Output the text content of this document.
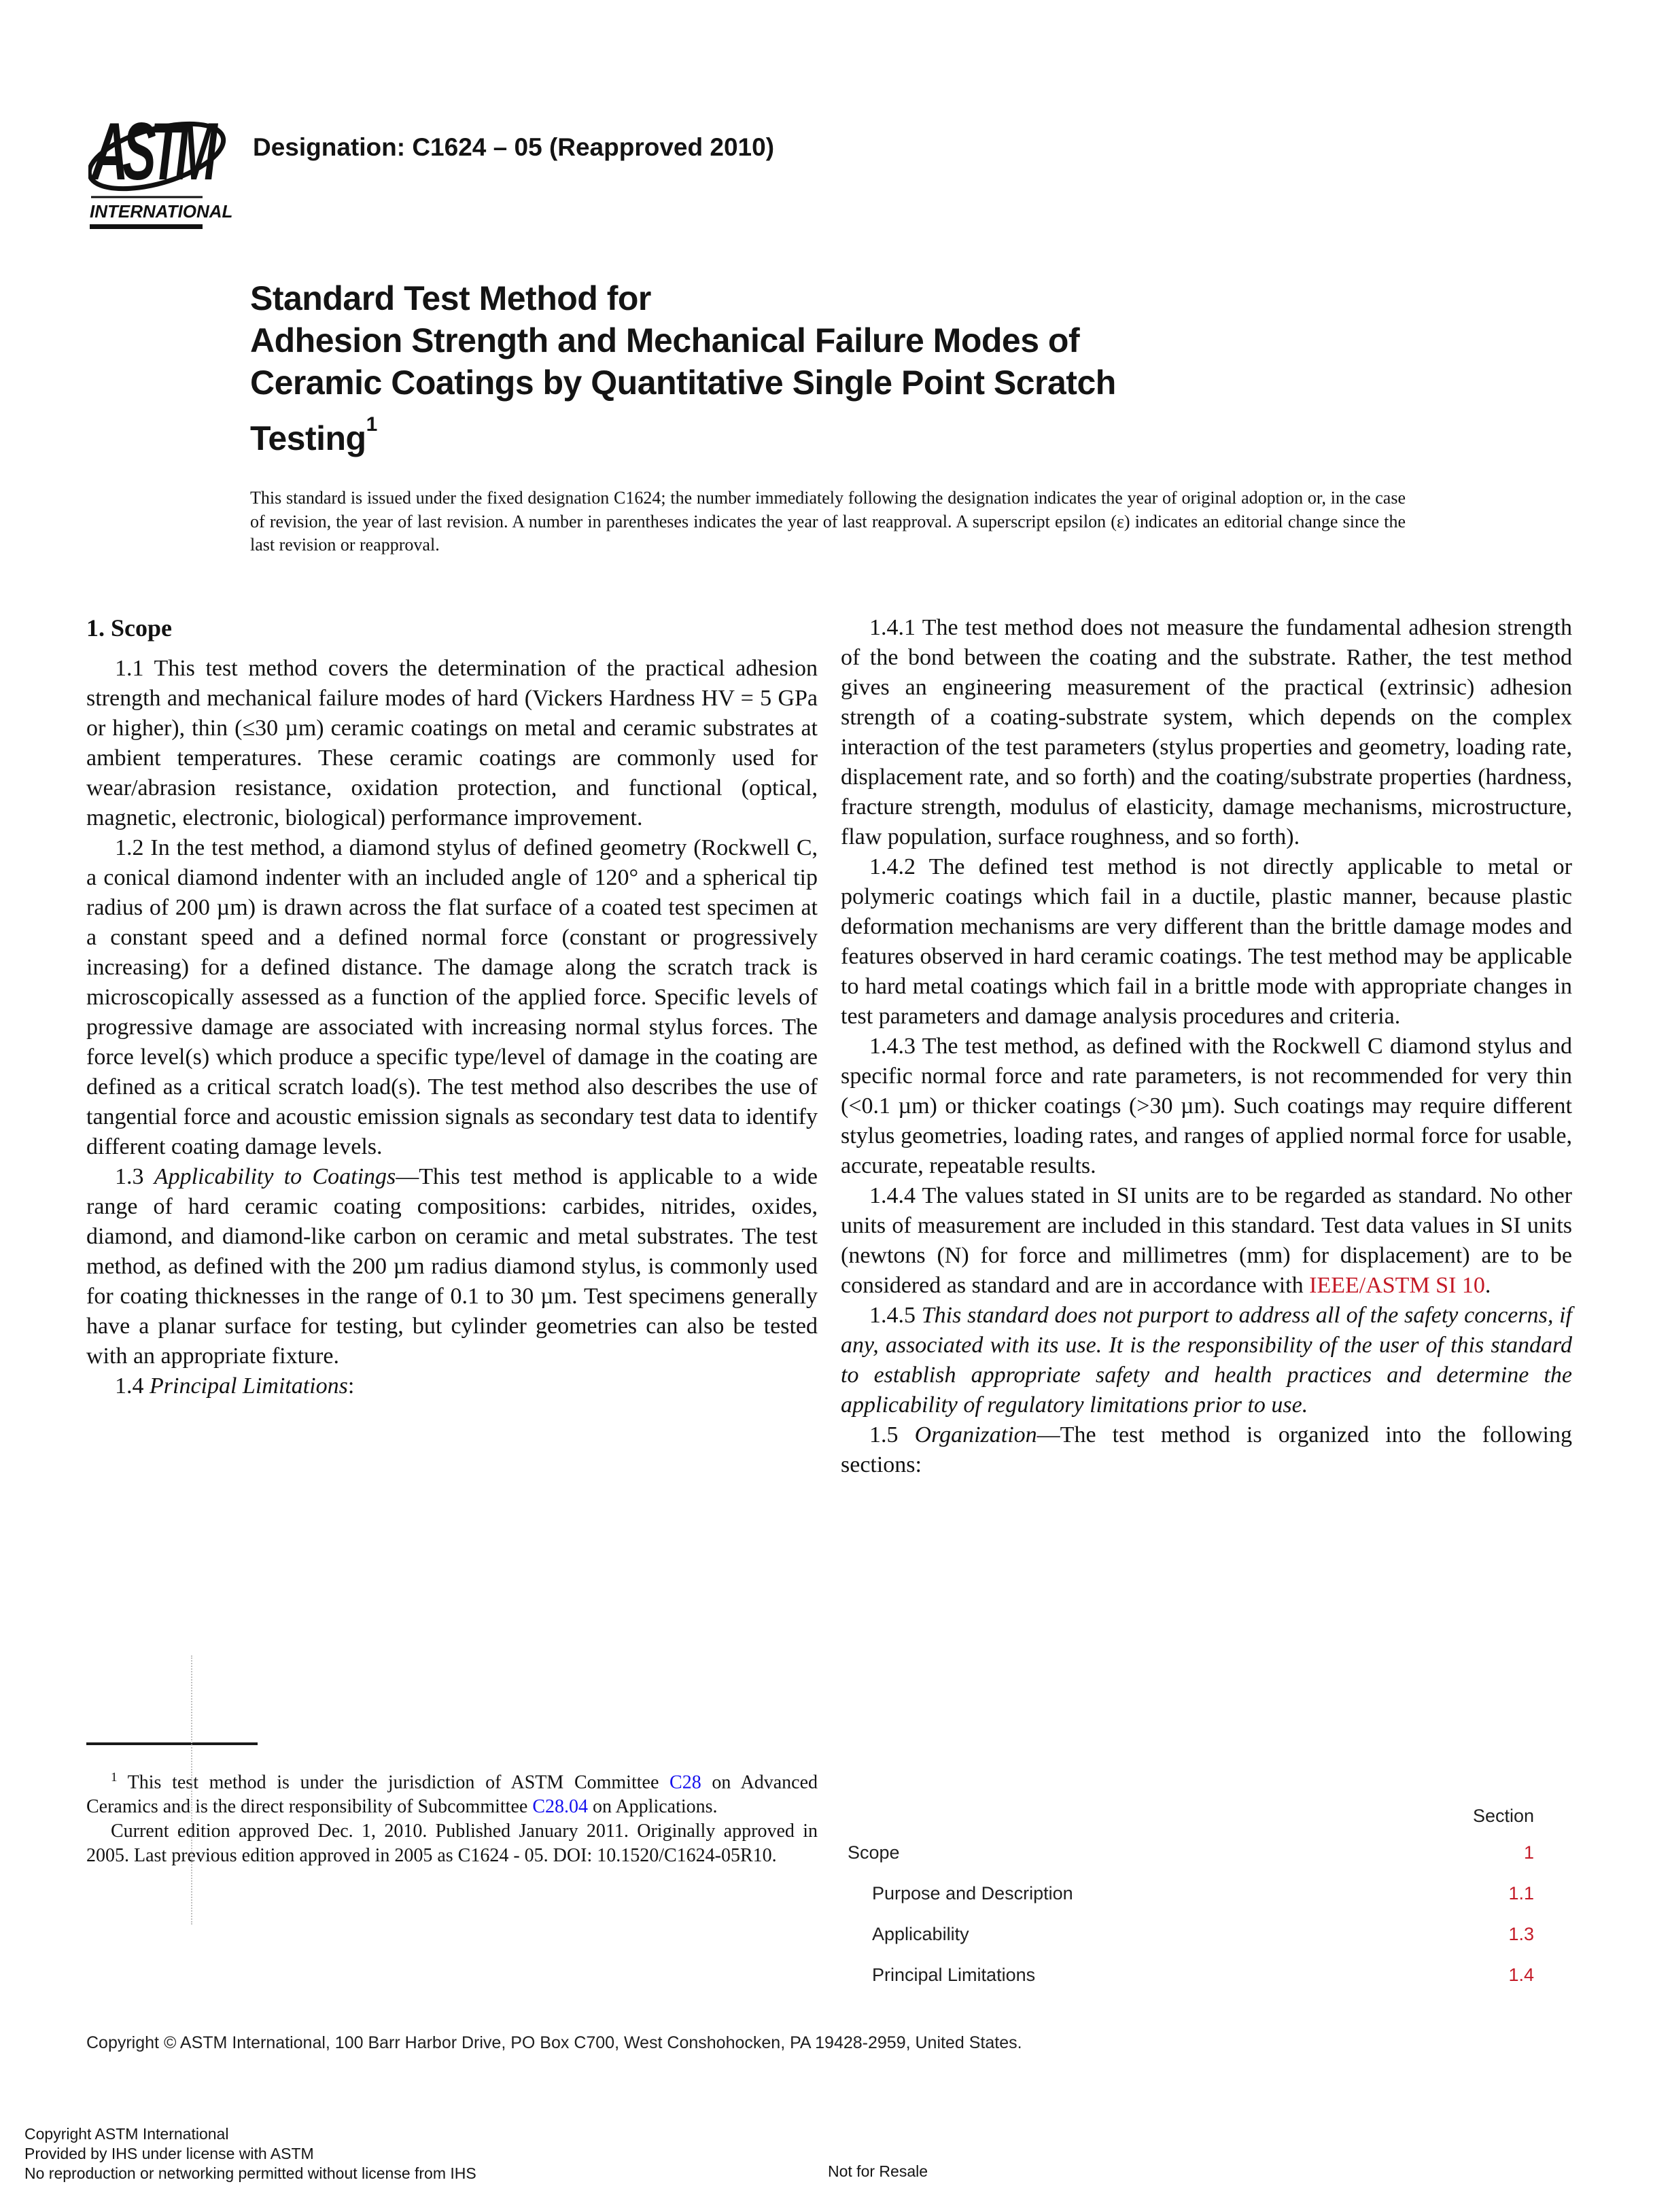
ASTM
INTERNATIONAL
Designation: C1624 – 05 (Reapproved 2010)
Standard Test Method for
Adhesion Strength and Mechanical Failure Modes of
Ceramic Coatings by Quantitative Single Point Scratch
Testing$^1$

This standard is issued under the fixed designation C1624; the number immediately following the designation indicates the year of original adoption or, in the case of revision, the year of last revision. A number in parentheses indicates the year of last reapproval. A superscript epsilon (ε) indicates an editorial change since the last revision or reapproval.

1. Scope

1.1 This test method covers the determination of the practical adhesion strength and mechanical failure modes of hard (Vickers Hardness HV = 5 GPa or higher), thin (≤30 µm) ceramic coatings on metal and ceramic substrates at ambient temperatures. These ceramic coatings are commonly used for wear/abrasion resistance, oxidation protection, and functional (optical, magnetic, electronic, biological) performance improvement.

1.2 In the test method, a diamond stylus of defined geometry (Rockwell C, a conical diamond indenter with an included angle of 120° and a spherical tip radius of 200 µm) is drawn across the flat surface of a coated test specimen at a constant speed and a defined normal force (constant or progressively increasing) for a defined distance. The damage along the scratch track is microscopically assessed as a function of the applied force. Specific levels of progressive damage are associated with increasing normal stylus forces. The force level(s) which produce a specific type/level of damage in the coating are defined as a critical scratch load(s). The test method also describes the use of tangential force and acoustic emission signals as secondary test data to identify different coating damage levels.

1.3 Applicability to Coatings—This test method is applicable to a wide range of hard ceramic coating compositions: carbides, nitrides, oxides, diamond, and diamond-like carbon on ceramic and metal substrates. The test method, as defined with the 200 µm radius diamond stylus, is commonly used for coating thicknesses in the range of 0.1 to 30 µm. Test specimens generally have a planar surface for testing, but cylinder geometries can also be tested with an appropriate fixture.

1.4 Principal Limitations:

$^1$ This test method is under the jurisdiction of ASTM Committee C28 on Advanced Ceramics and is the direct responsibility of Subcommittee C28.04 on Applications.

Current edition approved Dec. 1, 2010. Published January 2011. Originally approved in 2005. Last previous edition approved in 2005 as C1624 - 05. DOI: 10.1520/C1624-05R10.

1.4.1 The test method does not measure the fundamental adhesion strength of the bond between the coating and the substrate. Rather, the test method gives an engineering measurement of the practical (extrinsic) adhesion strength of a coating-substrate system, which depends on the complex interaction of the test parameters (stylus properties and geometry, loading rate, displacement rate, and so forth) and the coating/substrate properties (hardness, fracture strength, modulus of elasticity, damage mechanisms, microstructure, flaw population, surface roughness, and so forth).

1.4.2 The defined test method is not directly applicable to metal or polymeric coatings which fail in a ductile, plastic manner, because plastic deformation mechanisms are very different than the brittle damage modes and features observed in hard ceramic coatings. The test method may be applicable to hard metal coatings which fail in a brittle mode with appropriate changes in test parameters and damage analysis procedures and criteria.

1.4.3 The test method, as defined with the Rockwell C diamond stylus and specific normal force and rate parameters, is not recommended for very thin (<0.1 µm) or thicker coatings (>30 µm). Such coatings may require different stylus geometries, loading rates, and ranges of applied normal force for usable, accurate, repeatable results.

1.4.4 The values stated in SI units are to be regarded as standard. No other units of measurement are included in this standard. Test data values in SI units (newtons (N) for force and millimetres (mm) for displacement) are to be considered as standard and are in accordance with IEEE/ASTM SI 10.

1.4.5 This standard does not purport to address all of the safety concerns, if any, associated with its use. It is the responsibility of the user of this standard to establish appropriate safety and health practices and determine the applicability of regulatory limitations prior to use.

1.5 Organization—The test method is organized into the following sections:

Section
Scope	1
Purpose and Description	1.1
Applicability	1.3
Principal Limitations	1.4
Copyright © ASTM International, 100 Barr Harbor Drive, PO Box C700, West Conshohocken, PA 19428-2959, United States.
Copyright ASTM International
Provided by IHS under license with ASTM
No reproduction or networking permitted without license from IHS	Not for Resale
